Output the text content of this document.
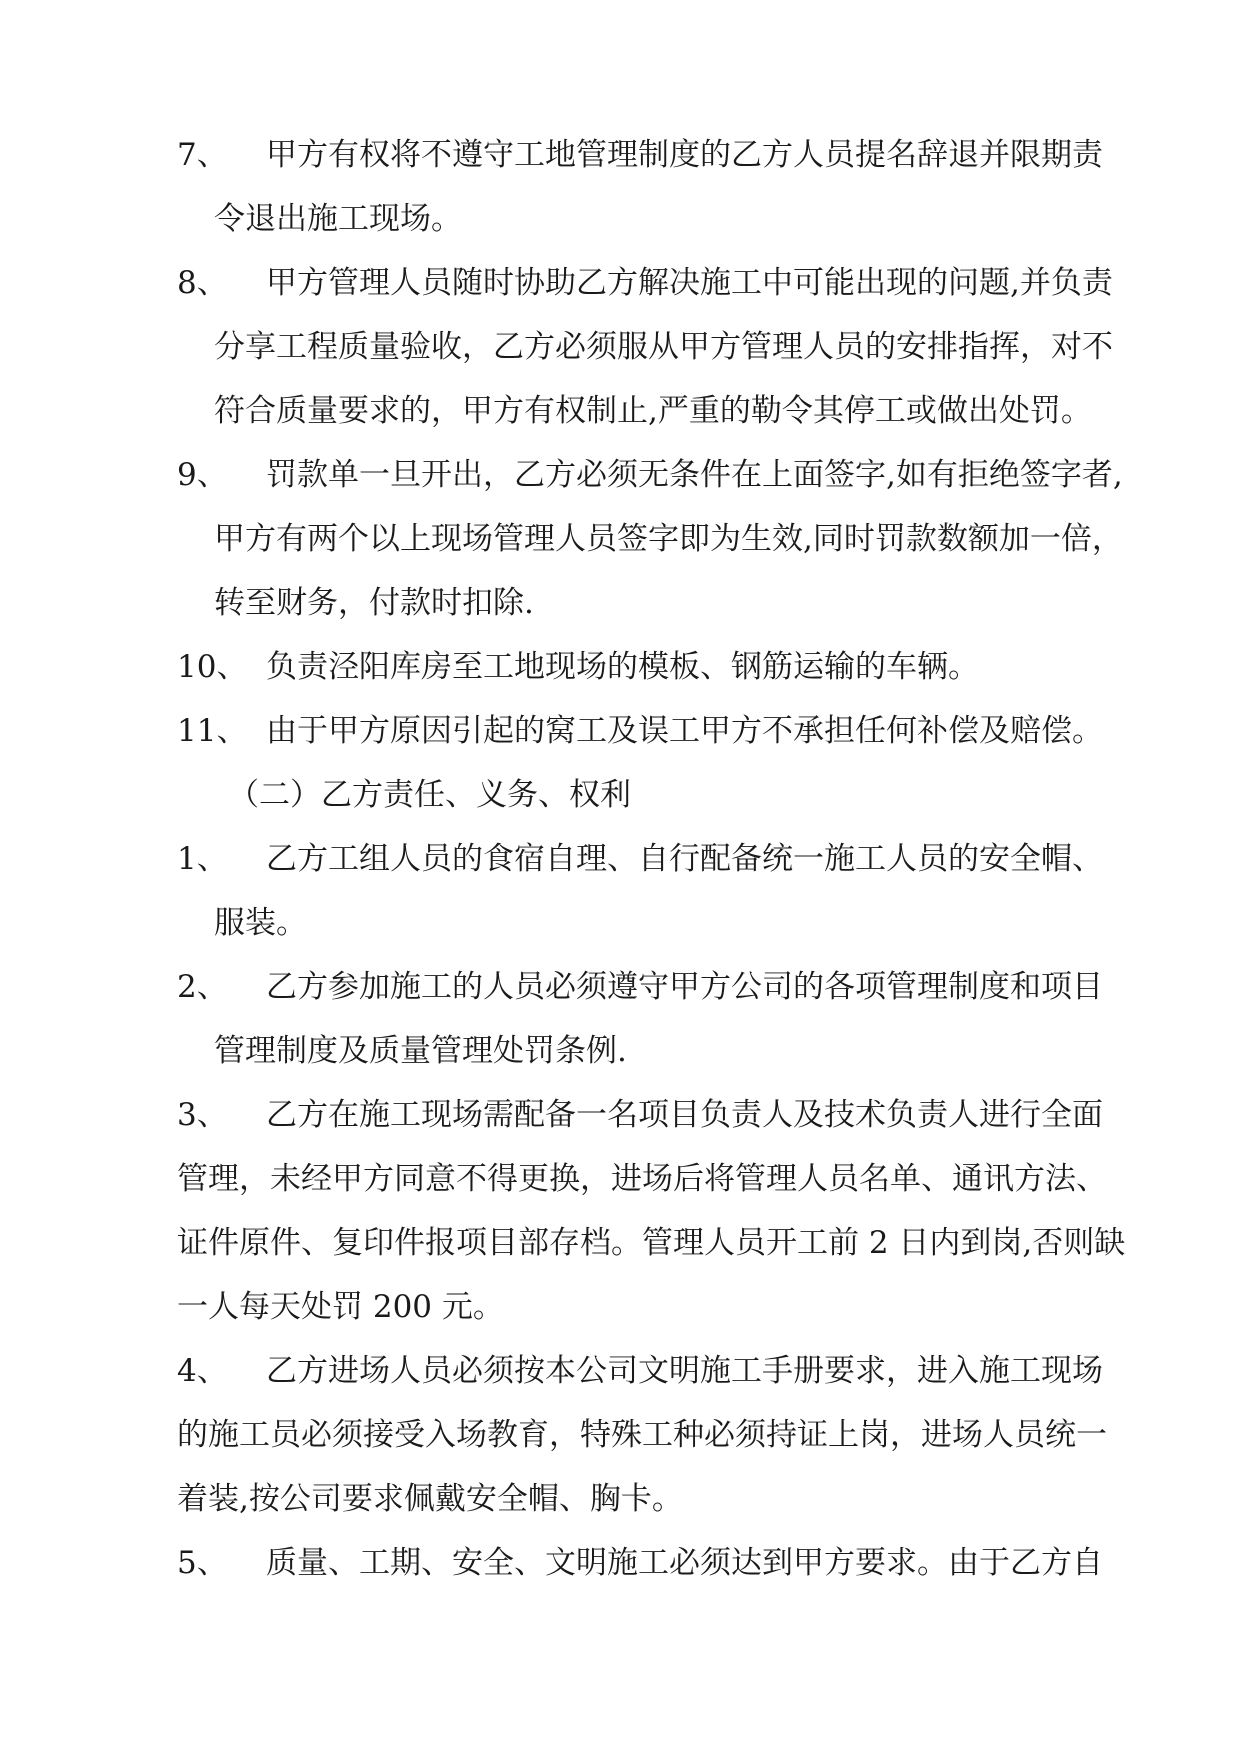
7、 甲方有权将不遵守工地管理制度的乙方人员提名辞退并限期责
令退出施工现场。
8、 甲方管理人员随时协助乙方解决施工中可能出现的问题,并负责
分享工程质量验收，乙方必须服从甲方管理人员的安排指挥，对不
符合质量要求的，甲方有权制止,严重的勒令其停工或做出处罚。
9、 罚款单一旦开出，乙方必须无条件在上面签字,如有拒绝签字者,
甲方有两个以上现场管理人员签字即为生效,同时罚款数额加一倍，
转至财务，付款时扣除.
10、 负责泾阳库房至工地现场的模板、钢筋运输的车辆。
11、 由于甲方原因引起的窝工及误工甲方不承担任何补偿及赔偿。
（二）乙方责任、义务、权利
1、 乙方工组人员的食宿自理、自行配备统一施工人员的安全帽、
服装。
2、 乙方参加施工的人员必须遵守甲方公司的各项管理制度和项目
管理制度及质量管理处罚条例.
3、 乙方在施工现场需配备一名项目负责人及技术负责人进行全面
管理，未经甲方同意不得更换，进场后将管理人员名单、通讯方法、
证件原件、复印件报项目部存档。管理人员开工前 2 日内到岗,否则缺
一人每天处罚 200 元。
4、 乙方进场人员必须按本公司文明施工手册要求，进入施工现场
的施工员必须接受入场教育，特殊工种必须持证上岗，进场人员统一
着装,按公司要求佩戴安全帽、胸卡。
5、 质量、工期、安全、文明施工必须达到甲方要求。由于乙方自
